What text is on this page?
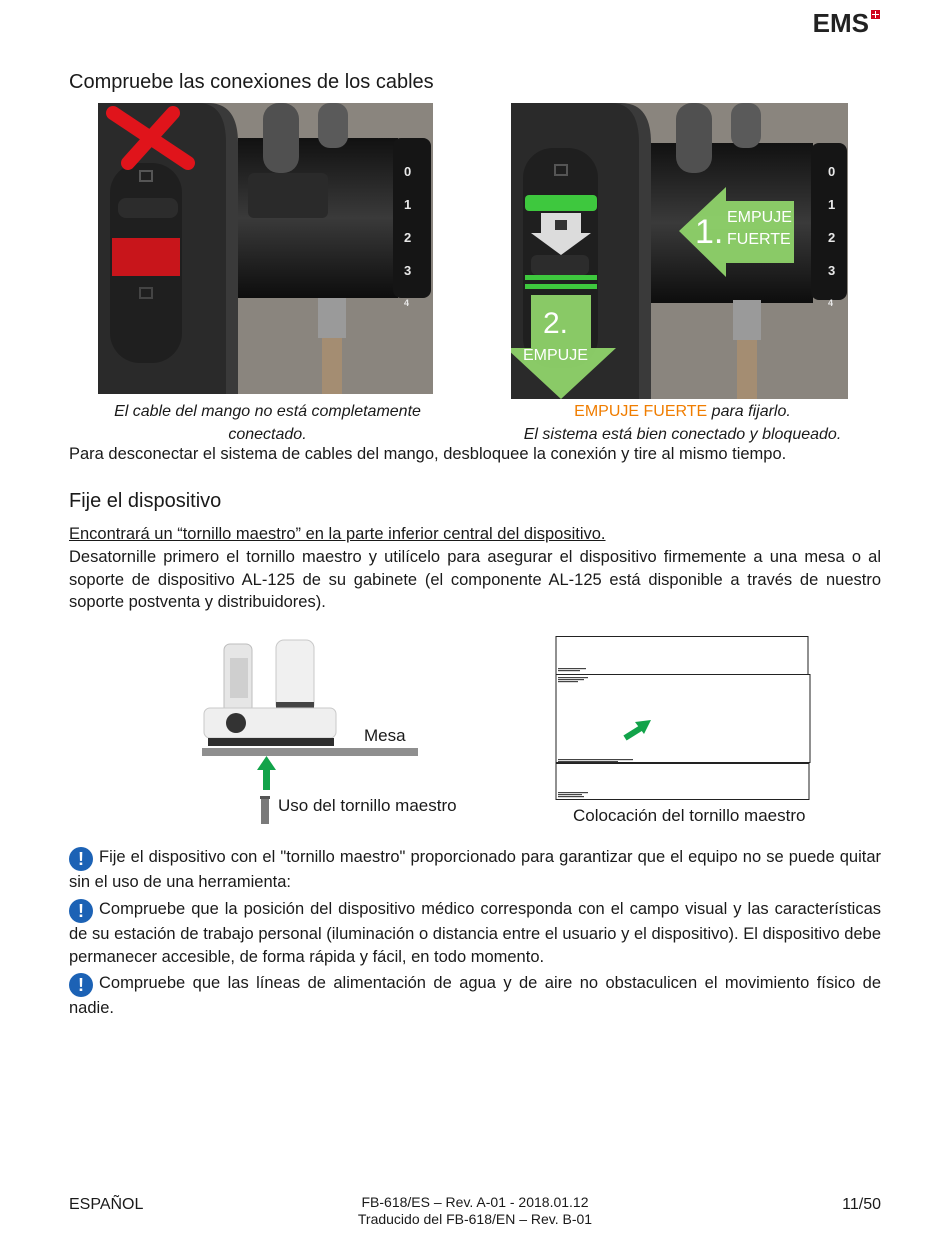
EMS
Compruebe las conexiones de los cables
0
1
2
3
4
0
1
2
3
4
1. EMPUJE
FUERTE
2.
EMPUJE
El cable del mango no está completamente
conectado.
EMPUJE FUERTE para fijarlo.
El sistema está bien conectado y bloqueado.
Para desconectar el sistema de cables del mango, desbloquee la conexión y tire al mismo tiempo.
Fije el dispositivo
Encontrará un “tornillo maestro” en la parte inferior central del dispositivo.
Desatornille primero el tornillo maestro y utilícelo para asegurar el dispositivo firmemente a una mesa o al soporte de dispositivo AL-125 de su gabinete (el componente AL-125 está disponible a través de nuestro soporte postventa y distribuidores).
Mesa
Uso del tornillo maestro
Colocación del tornillo maestro
! Fije el dispositivo con el "tornillo maestro" proporcionado para garantizar que el equipo no se puede quitar sin el uso de una herramienta:
! Compruebe que la posición del dispositivo médico corresponda con el campo visual y las características de su estación de trabajo personal (iluminación o distancia entre el usuario y el dispositivo). El dispositivo debe permanecer accesible, de forma rápida y fácil, en todo momento.
! Compruebe que las líneas de alimentación de agua y de aire no obstaculicen el movimiento físico de nadie.
ESPAÑOL	FB-618/ES – Rev. A-01 - 2018.01.12
Traducido del FB-618/EN – Rev. B-01
11/50
